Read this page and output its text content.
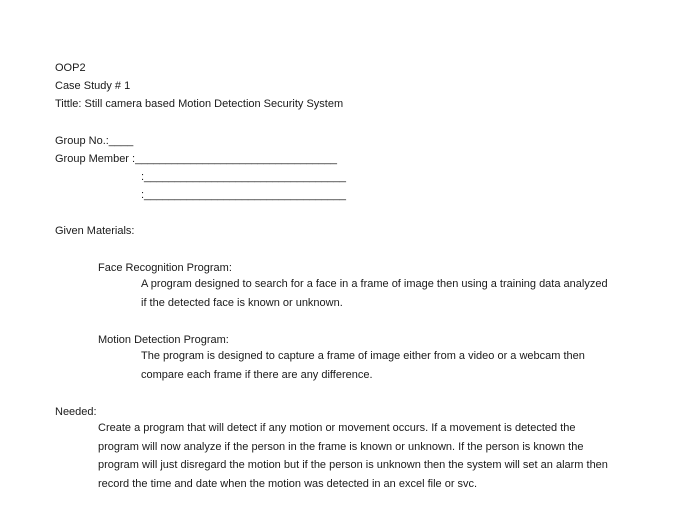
OOP2
Case Study # 1
Tittle: Still camera based Motion Detection Security System
Group No.:____
Group Member :_________________________________
:_________________________________
:_________________________________
Given Materials:
Face Recognition Program:
A program designed to search for a face in a frame of image then using a training data analyzed if the detected face is known or unknown.
Motion Detection Program:
The program is designed to capture a frame of image either from a video or a webcam then compare each frame if there are any difference.
Needed:
Create a program that will detect if any motion or movement occurs. If a movement is detected the program will now analyze if the person in the frame is known or unknown. If the person is known the program will just disregard the motion but if the person is unknown then the system will set an alarm then record the time and date when the motion was detected in an excel file or svc.
